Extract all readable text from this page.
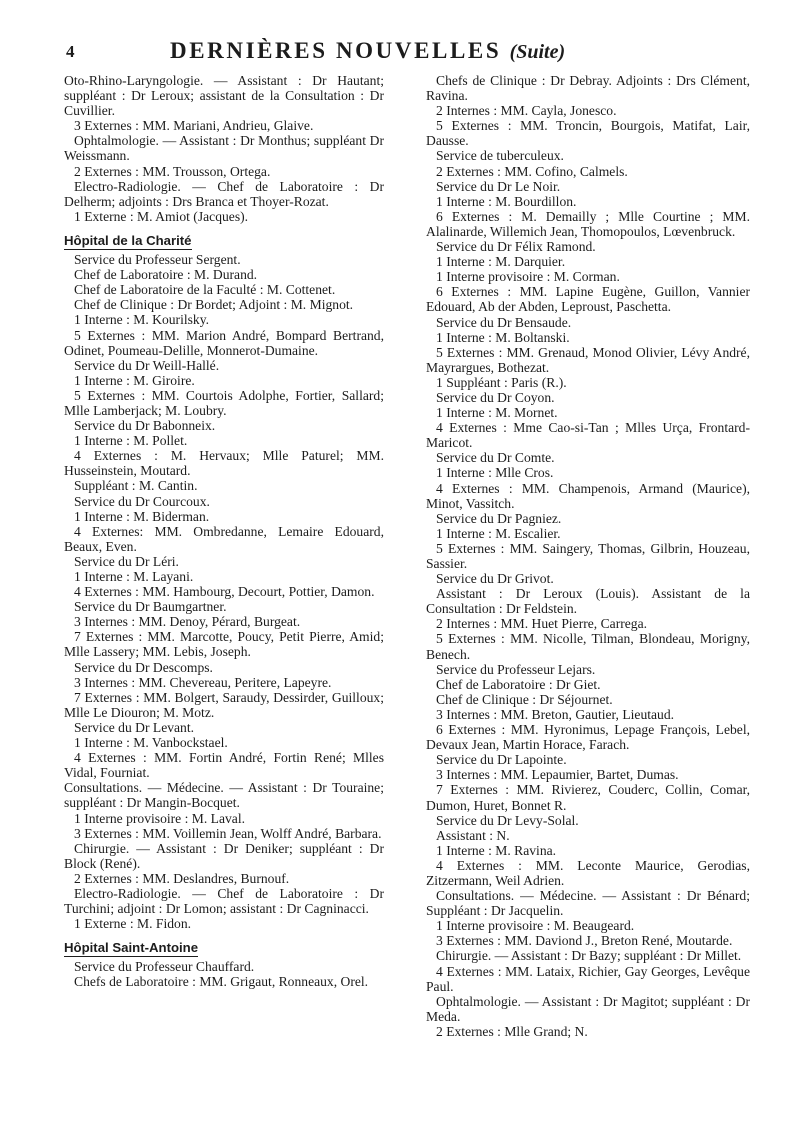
4	DERNIÈRES NOUVELLES (Suite)

Oto-Rhino-Laryngologie. — Assistant : Dr Hautant; suppléant : Dr Leroux; assistant de la Consultation : Dr Cuvillier.

3 Externes : MM. Mariani, Andrieu, Glaive.

Ophtalmologie. — Assistant : Dr Monthus; suppléant Dr Weissmann.

2 Externes : MM. Trousson, Ortega.

Electro-Radiologie. — Chef de Laboratoire : Dr Delherm; adjoints : Drs Branca et Thoyer-Rozat.

1 Externe : M. Amiot (Jacques).

Hôpital de la Charité

Service du Professeur Sergent.

Chef de Laboratoire : M. Durand.

Chef de Laboratoire de la Faculté : M. Cottenet.

Chef de Clinique : Dr Bordet; Adjoint : M. Mignot.

1 Interne : M. Kourilsky.

5 Externes : MM. Marion André, Bompard Bertrand, Odinet, Poumeau-Delille, Monnerot-Dumaine.

Service du Dr Weill-Hallé.

1 Interne : M. Giroire.

5 Externes : MM. Courtois Adolphe, Fortier, Sallard; Mlle Lamberjack; M. Loubry.

Service du Dr Babonneix.

1 Interne : M. Pollet.

4 Externes : M. Hervaux; Mlle Paturel; MM. Husseinstein, Moutard.

Suppléant : M. Cantin.

Service du Dr Courcoux.

1 Interne : M. Biderman.

4 Externes: MM. Ombredanne, Lemaire Edouard, Beaux, Even.

Service du Dr Léri.

1 Interne : M. Layani.

4 Externes : MM. Hambourg, Decourt, Pottier, Damon.

Service du Dr Baumgartner.

3 Internes : MM. Denoy, Pérard, Burgeat.

7 Externes : MM. Marcotte, Poucy, Petit Pierre, Amid; Mlle Lassery; MM. Lebis, Joseph.

Service du Dr Descomps.

3 Internes : MM. Chevereau, Peritere, Lapeyre.

7 Externes : MM. Bolgert, Saraudy, Dessirder, Guilloux; Mlle Le Diouron; M. Motz.

Service du Dr Levant.

1 Interne : M. Vanbockstael.

4 Externes : MM. Fortin André, Fortin René; Mlles Vidal, Fourniat.

Consultations. — Médecine. — Assistant : Dr Touraine; suppléant : Dr Mangin-Bocquet.

1 Interne provisoire : M. Laval.

3 Externes : MM. Voillemin Jean, Wolff André, Barbara.

Chirurgie. — Assistant : Dr Deniker; suppléant : Dr Block (René).

2 Externes : MM. Deslandres, Burnouf.

Electro-Radiologie. — Chef de Laboratoire : Dr Turchini; adjoint : Dr Lomon; assistant : Dr Cagninacci.

1 Externe : M. Fidon.

Hôpital Saint-Antoine

Service du Professeur Chauffard.

Chefs de Laboratoire : MM. Grigaut, Ronneaux, Orel.

Chefs de Clinique : Dr Debray. Adjoints : Drs Clément, Ravina.

2 Internes : MM. Cayla, Jonesco.

5 Externes : MM. Troncin, Bourgois, Matifat, Lair, Dausse.

Service de tuberculeux.

2 Externes : MM. Cofino, Calmels.

Service du Dr Le Noir.

1 Interne : M. Bourdillon.

6 Externes : M. Demailly ; Mlle Courtine ; MM. Alalinarde, Willemich Jean, Thomopoulos, Lœvenbruck.

Service du Dr Félix Ramond.

1 Interne : M. Darquier.

1 Interne provisoire : M. Corman.

6 Externes : MM. Lapine Eugène, Guillon, Vannier Edouard, Ab der Abden, Leproust, Paschetta.

Service du Dr Bensaude.

1 Interne : M. Boltanski.

5 Externes : MM. Grenaud, Monod Olivier, Lévy André, Mayrargues, Bothezat.

1 Suppléant : Paris (R.).

Service du Dr Coyon.

1 Interne : M. Mornet.

4 Externes : Mme Cao-si-Tan ; Mlles Urça, Frontard-Maricot.

Service du Dr Comte.

1 Interne : Mlle Cros.

4 Externes : MM. Champenois, Armand (Maurice), Minot, Vassitch.

Service du Dr Pagniez.

1 Interne : M. Escalier.

5 Externes : MM. Saingery, Thomas, Gilbrin, Houzeau, Sassier.

Service du Dr Grivot.

Assistant : Dr Leroux (Louis). Assistant de la Consultation : Dr Feldstein.

2 Internes : MM. Huet Pierre, Carrega.

5 Externes : MM. Nicolle, Tilman, Blondeau, Morigny, Benech.

Service du Professeur Lejars.

Chef de Laboratoire : Dr Giet.

Chef de Clinique : Dr Séjournet.

3 Internes : MM. Breton, Gautier, Lieutaud.

6 Externes : MM. Hyronimus, Lepage François, Lebel, Devaux Jean, Martin Horace, Farach.

Service du Dr Lapointe.

3 Internes : MM. Lepaumier, Bartet, Dumas.

7 Externes : MM. Rivierez, Couderc, Collin, Comar, Dumon, Huret, Bonnet R.

Service du Dr Levy-Solal.

Assistant : N.

1 Interne : M. Ravina.

4 Externes : MM. Leconte Maurice, Gerodias, Zitzermann, Weil Adrien.

Consultations. — Médecine. — Assistant : Dr Bénard; Suppléant : Dr Jacquelin.

1 Interne provisoire : M. Beaugeard.

3 Externes : MM. Daviond J., Breton René, Moutarde.

Chirurgie. — Assistant : Dr Bazy; suppléant : Dr Millet.

4 Externes : MM. Lataix, Richier, Gay Georges, Levêque Paul.

Ophtalmologie. — Assistant : Dr Magitot; suppléant : Dr Meda.

2 Externes : Mlle Grand; N.
